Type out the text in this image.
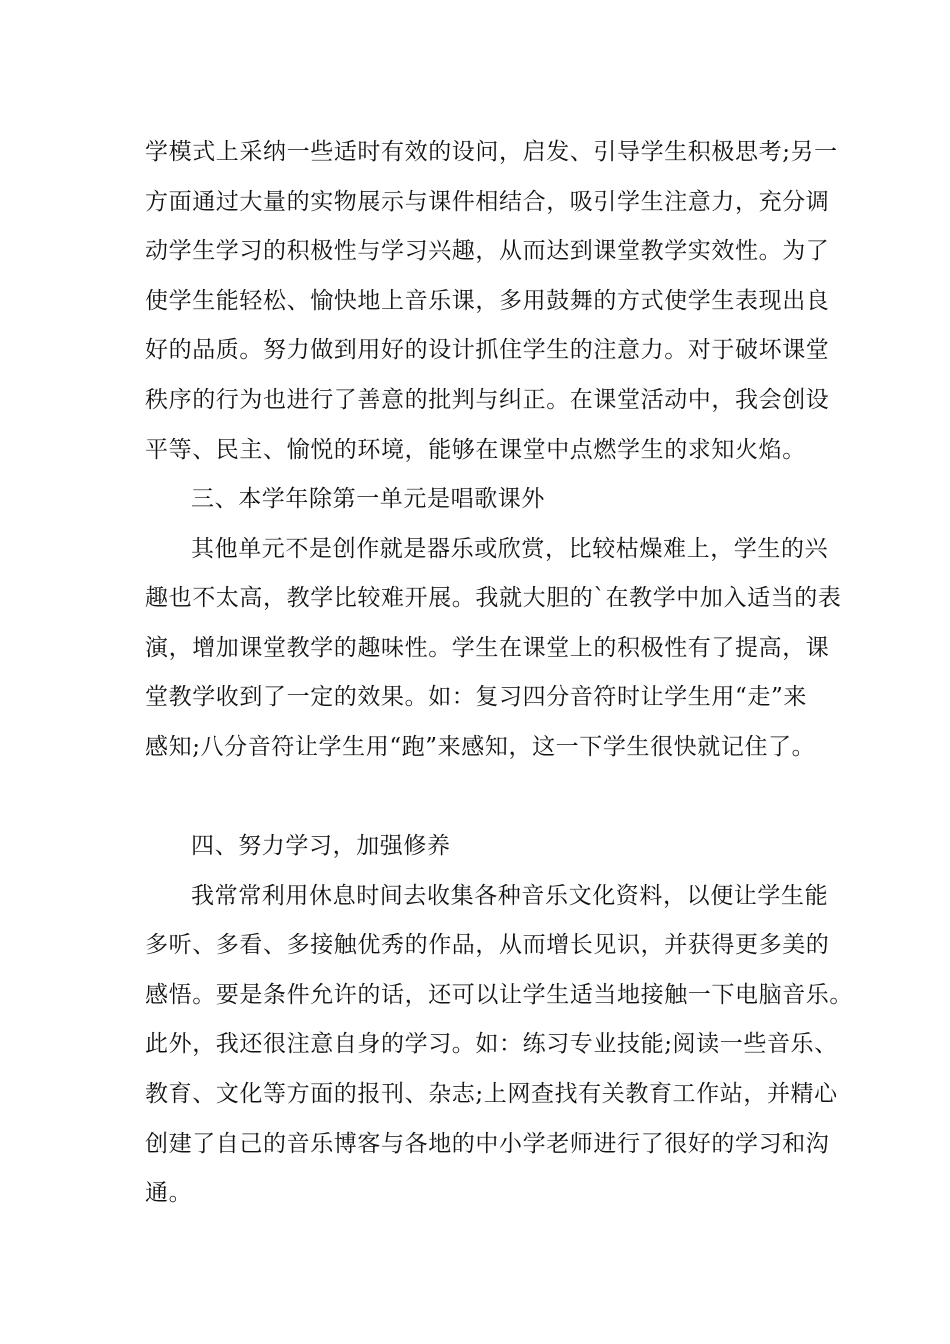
学模式上采纳一些适时有效的设问，启发、引导学生积极思考;另一
方面通过大量的实物展示与课件相结合，吸引学生注意力，充分调
动学生学习的积极性与学习兴趣，从而达到课堂教学实效性。为了
使学生能轻松、愉快地上音乐课，多用鼓舞的方式使学生表现出良
好的品质。努力做到用好的设计抓住学生的注意力。对于破坏课堂
秩序的行为也进行了善意的批判与纠正。在课堂活动中，我会创设
平等、民主、愉悦的环境，能够在课堂中点燃学生的求知火焰。
三、本学年除第一单元是唱歌课外
其他单元不是创作就是器乐或欣赏，比较枯燥难上，学生的兴
趣也不太高，教学比较难开展。我就大胆的`在教学中加入适当的表
演，增加课堂教学的趣味性。学生在课堂上的积极性有了提高，课
堂教学收到了一定的效果。如：复习四分音符时让学生用“走”来
感知;八分音符让学生用“跑”来感知，这一下学生很快就记住了。
四、努力学习，加强修养
我常常利用休息时间去收集各种音乐文化资料，以便让学生能
多听、多看、多接触优秀的作品，从而增长见识，并获得更多美的
感悟。要是条件允许的话，还可以让学生适当地接触一下电脑音乐。
此外，我还很注意自身的学习。如：练习专业技能;阅读一些音乐、
教育、文化等方面的报刊、杂志;上网查找有关教育工作站，并精心
创建了自己的音乐博客与各地的中小学老师进行了很好的学习和沟
通。
